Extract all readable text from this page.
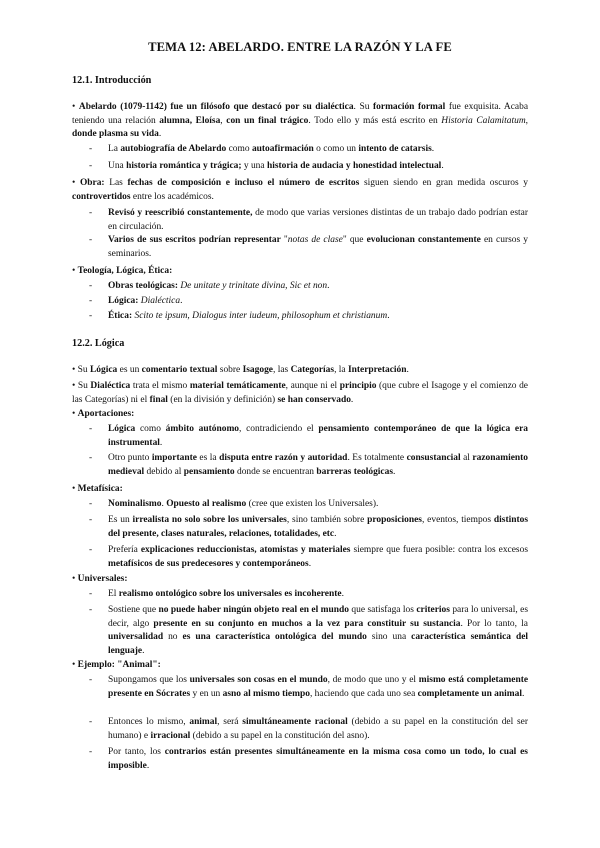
TEMA 12: ABELARDO. ENTRE LA RAZÓN Y LA FE
12.1. Introducción
• Abelardo (1079-1142) fue un filósofo que destacó por su dialéctica. Su formación formal fue exquisita. Acaba teniendo una relación alumna, Eloísa, con un final trágico. Todo ello y más está escrito en Historia Calamitatum, donde plasma su vida.
- La autobiografía de Abelardo como autoafirmación o como un intento de catarsis.
- Una historia romántica y trágica; y una historia de audacia y honestidad intelectual.
• Obra: Las fechas de composición e incluso el número de escritos siguen siendo en gran medida oscuros y controvertidos entre los académicos.
- Revisó y reescribió constantemente, de modo que varias versiones distintas de un trabajo dado podrían estar en circulación.
- Varios de sus escritos podrían representar "notas de clase" que evolucionan constantemente en cursos y seminarios.
• Teología, Lógica, Ética:
- Obras teológicas: De unitate y trinitate divina, Sic et non.
- Lógica: Dialéctica.
- Ética: Scito te ipsum, Dialogus inter iudeum, philosophum et christianum.
12.2. Lógica
• Su Lógica es un comentario textual sobre Isagoge, las Categorías, la Interpretación.
• Su Dialéctica trata el mismo material temáticamente, aunque ni el principio (que cubre el Isagoge y el comienzo de las Categorías) ni el final (en la división y definición) se han conservado.
• Aportaciones:
- Lógica como ámbito autónomo, contradiciendo el pensamiento contemporáneo de que la lógica era instrumental.
- Otro punto importante es la disputa entre razón y autoridad. Es totalmente consustancial al razonamiento medieval debido al pensamiento donde se encuentran barreras teológicas.
• Metafísica:
- Nominalismo. Opuesto al realismo (cree que existen los Universales).
- Es un irrealista no solo sobre los universales, sino también sobre proposiciones, eventos, tiempos distintos del presente, clases naturales, relaciones, totalidades, etc.
- Prefería explicaciones reduccionistas, atomistas y materiales siempre que fuera posible: contra los excesos metafísicos de sus predecesores y contemporáneos.
• Universales:
- El realismo ontológico sobre los universales es incoherente.
- Sostiene que no puede haber ningún objeto real en el mundo que satisfaga los criterios para lo universal, es decir, algo presente en su conjunto en muchos a la vez para constituir su sustancia. Por lo tanto, la universalidad no es una característica ontológica del mundo sino una característica semántica del lenguaje.
• Ejemplo: "Animal":
- Supongamos que los universales son cosas en el mundo, de modo que uno y el mismo está completamente presente en Sócrates y en un asno al mismo tiempo, haciendo que cada uno sea completamente un animal.
- Entonces lo mismo, animal, será simultáneamente racional (debido a su papel en la constitución del ser humano) e irracional (debido a su papel en la constitución del asno).
- Por tanto, los contrarios están presentes simultáneamente en la misma cosa como un todo, lo cual es imposible.
